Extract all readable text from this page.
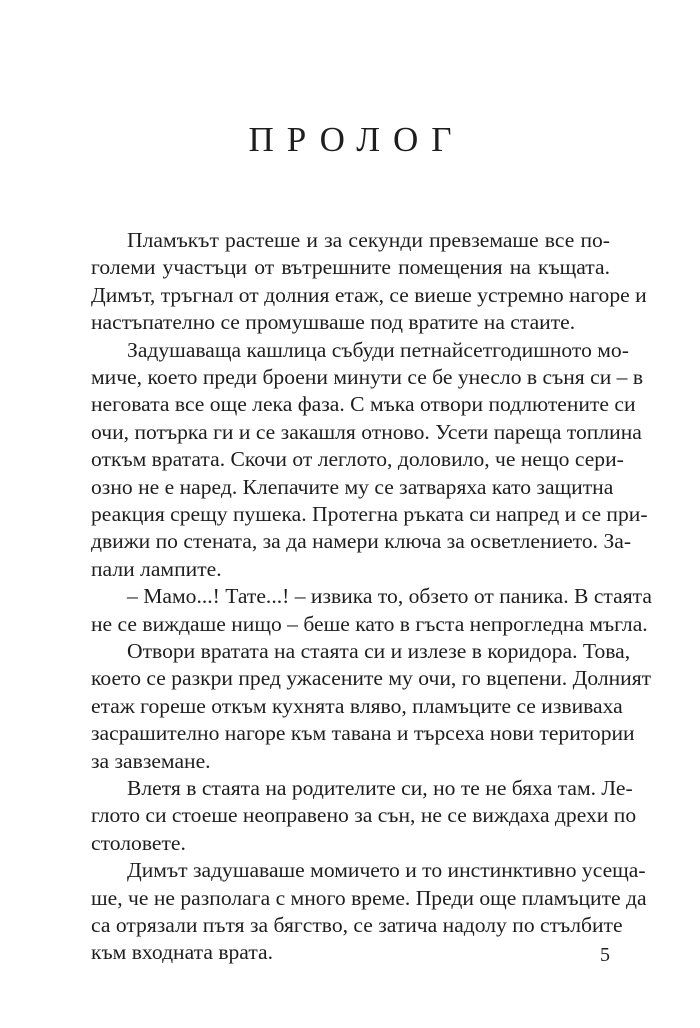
ПРОЛОГ
Пламъкът растеше и за секунди превземаше все по-
големи участъци от вътрешните помещения на къщата.
Димът, тръгнал от долния етаж, се виеше устремно нагоре и
настъпателно се промушваше под вратите на стаите.
Задушаваща кашлица събуди петнайсетгодишното мо-
миче, което преди броени минути се бе унесло в съня си – в
неговата все още лека фаза. С мъка отвори подлютените си
очи, потърка ги и се закашля отново. Усети пареща топлина
откъм вратата. Скочи от леглото, доловило, че нещо сери-
озно не е наред. Клепачите му се затваряха като защитна
реакция срещу пушека. Протегна ръката си напред и се при-
движи по стената, за да намери ключа за осветлението. За-
пали лампите.
– Мамо...! Тате...! – извика то, обзето от паника. В стаята
не се виждаше нищо – беше като в гъста непрогледна мъгла.
Отвори вратата на стаята си и излезе в коридора. Това,
което се разкри пред ужасените му очи, го вцепени. Долният
етаж гореше откъм кухнята вляво, пламъците се извиваха
засрашително нагоре към тавана и търсеха нови територии
за завземане.
Влетя в стаята на родителите си, но те не бяха там. Ле-
глото си стоеше неоправено за сън, не се виждаха дрехи по
столовете.
Димът задушаваше момичето и то инстинктивно усеща-
ше, че не разполага с много време. Преди още пламъците да
са отрязали пътя за бягство, се затича надолу по стълбите
към входната врата.	5
